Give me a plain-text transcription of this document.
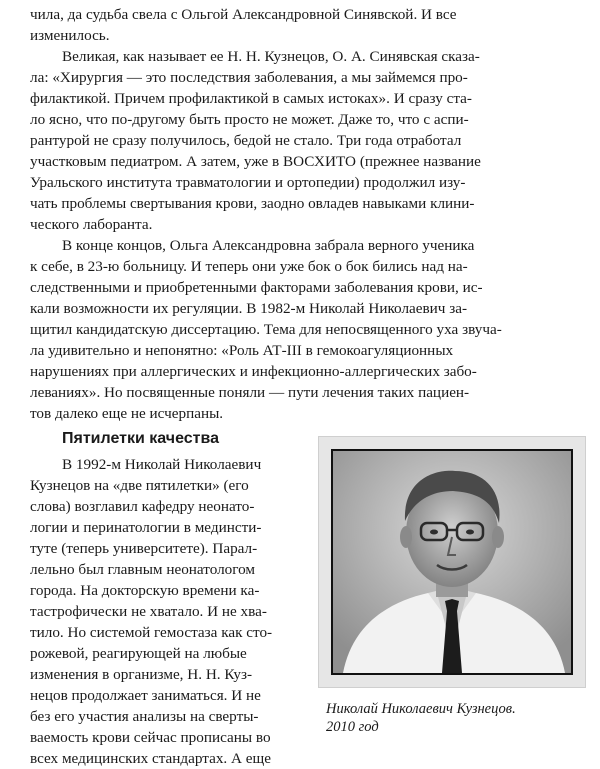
чила, да судьба свела с Ольгой Александровной Синявской. И все
изменилось.
Великая, как называет ее Н. Н. Кузнецов, О. А. Синявская сказа-
ла: «Хирургия — это последствия заболевания, а мы займемся про-
филактикой. Причем профилактикой в самых истоках». И сразу ста-
ло ясно, что по-другому быть просто не может. Даже то, что с аспи-
рантурой не сразу получилось, бедой не стало. Три года отработал
участковым педиатром. А затем, уже в ВОСХИТО (прежнее название
Уральского института травматологии и ортопедии) продолжил изу-
чать проблемы свертывания крови, заодно овладев навыками клини-
ческого лаборанта.
В конце концов, Ольга Александровна забрала верного ученика
к себе, в 23-ю больницу. И теперь они уже бок о бок бились над на-
следственными и приобретенными факторами заболевания крови, ис-
кали возможности их регуляции. В 1982-м Николай Николаевич за-
щитил кандидатскую диссертацию. Тема для непосвященного уха звуча-
ла удивительно и непонятно: «Роль АТ-III в гемокоагуляционных
нарушениях при аллергических и инфекционно-аллергических забо-
леваниях». Но посвященные поняли — пути лечения таких пациен-
тов далеко еще не исчерпаны.
Пятилетки качества
В 1992-м Николай Николаевич
Кузнецов на «две пятилетки» (его
слова) возглавил кафедру неонато-
логии и перинатологии в мединсти-
туте (теперь университете). Парал-
лельно был главным неонатологом
города. На докторскую времени ка-
тастрофически не хватало. И не хва-
тило. Но системой гемостаза как сто-
рожевой, реагирующей на любые
изменения в организме, Н. Н. Куз-
нецов продолжает заниматься. И не
без его участия анализы на сверты-
ваемость крови сейчас прописаны во
всех медицинских стандартах. А еще
Николай Николаевич Кузнецов.
2010 год
